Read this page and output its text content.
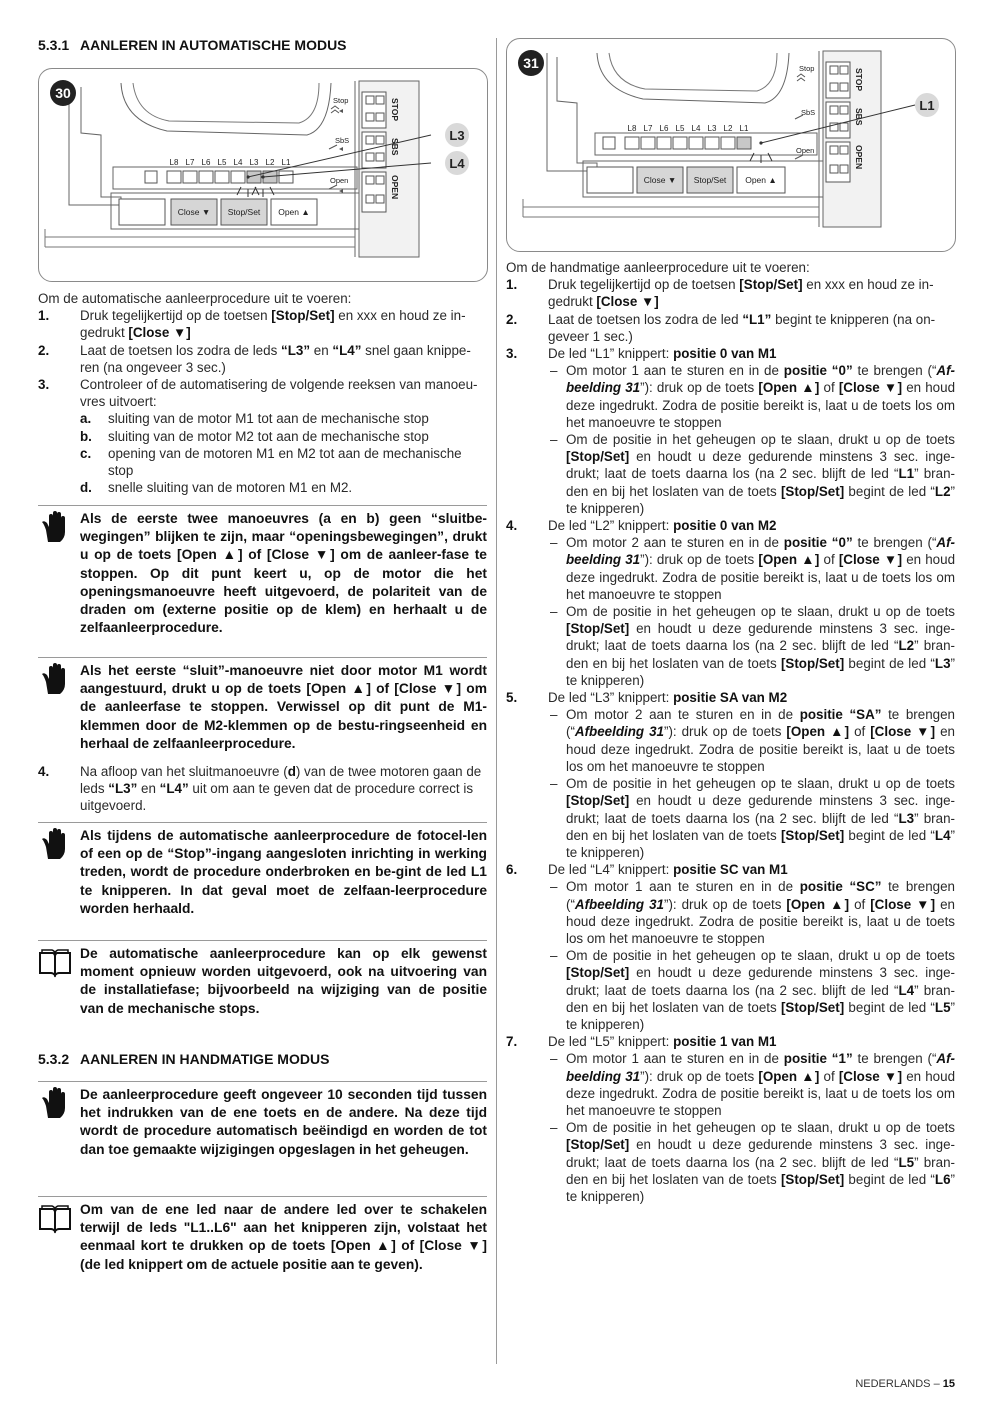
5.3.1 AANLEREN IN AUTOMATISCHE MODUS
30
L8 L7 L6 L5 L4 L3 L2 L1
Close ▼ Stop/Set Open ▲
Stop
SbS
Open
STOP
SBS
OPEN
L3
L4
Om de automatische aanleerprocedure uit te voeren:
1. Druk tegelijkertijd op de toetsen [Stop/Set] en xxx en houd ze in-gedrukt [Close ▼]
2. Laat de toetsen los zodra de leds “L3” en “L4” snel gaan knippe-ren (na ongeveer 3 sec.)
3. Controleer of de automatisering de volgende reeksen van manoeu-vres uitvoert:
a. sluiting van de motor M1 tot aan de mechanische stop
b. sluiting van de motor M2 tot aan de mechanische stop
c. opening van de motoren M1 en M2 tot aan de mechanische stop
d. snelle sluiting van de motoren M1 en M2.
Als de eerste twee manoeuvres (a en b) geen “sluitbe-wegingen” blijken te zijn, maar “openingsbewegingen”, drukt u op de toets [Open ▲] of [Close ▼] om de aanleer-fase te stoppen. Op dit punt keert u, op de motor die het openingsmanoeuvre heeft uitgevoerd, de polariteit van de draden om (externe positie op de klem) en herhaalt u de zelfaanleerprocedure.
Als het eerste “sluit”-manoeuvre niet door motor M1 wordt aangestuurd, drukt u op de toets [Open ▲] of [Close ▼] om de aanleerfase te stoppen. Verwissel op dit punt de M1-klemmen door de M2-klemmen op de bestu-ringseenheid en herhaal de zelfaanleerprocedure.
4. Na afloop van het sluitmanoeuvre (d) van de twee motoren gaan de leds “L3” en “L4” uit om aan te geven dat de procedure correct is uitgevoerd.
Als tijdens de automatische aanleerprocedure de fotocel-len of een op de “Stop”-ingang aangesloten inrichting in werking treden, wordt de procedure onderbroken en be-gint de led L1 te knipperen. In dat geval moet de zelfaan-leerprocedure worden herhaald.
De automatische aanleerprocedure kan op elk gewenst moment opnieuw worden uitgevoerd, ook na uitvoering van de installatiefase; bijvoorbeeld na wijziging van de positie van de mechanische stops.
5.3.2 AANLEREN IN HANDMATIGE MODUS
De aanleerprocedure geeft ongeveer 10 seconden tijd tussen het indrukken van de ene toets en de andere. Na deze tijd wordt de procedure automatisch beëindigd en worden de tot dan toe gemaakte wijzigingen opgeslagen in het geheugen.
Om van de ene led naar de andere led over te schakelen terwijl de leds "L1..L6" aan het knipperen zijn, volstaat het eenmaal kort te drukken op de toets [Open ▲] of [Close ▼] (de led knippert om de actuele positie aan te geven).
31
L8 L7 L6 L5 L4 L3 L2 L1
Close ▼ Stop/Set Open ▲
Stop
SbS
Open
STOP
SBS
OPEN
L1
Om de handmatige aanleerprocedure uit te voeren:
1. Druk tegelijkertijd op de toetsen [Stop/Set] en xxx en houd ze in-gedrukt [Close ▼]
2. Laat de toetsen los zodra de led “L1” begint te knipperen (na on-geveer 1 sec.)
3. De led “L1” knippert: positie 0 van M1
– Om motor 1 aan te sturen en in de positie “0” te brengen (“Af-beelding 31”): druk op de toets [Open ▲] of [Close ▼] en houd deze ingedrukt. Zodra de positie bereikt is, laat u de toets los om het manoeuvre te stoppen
– Om de positie in het geheugen op te slaan, drukt u op de toets [Stop/Set] en houdt u deze gedurende minstens 3 sec. inge-drukt; laat de toets daarna los (na 2 sec. blijft de led “L1” bran-den en bij het loslaten van de toets [Stop/Set] begint de led “L2” te knipperen)
4. De led “L2” knippert: positie 0 van M2
– Om motor 2 aan te sturen en in de positie “0” te brengen (“Af-beelding 31”): druk op de toets [Open ▲] of [Close ▼] en houd deze ingedrukt. Zodra de positie bereikt is, laat u de toets los om het manoeuvre te stoppen
– Om de positie in het geheugen op te slaan, drukt u op de toets [Stop/Set] en houdt u deze gedurende minstens 3 sec. inge-drukt; laat de toets daarna los (na 2 sec. blijft de led “L2” bran-den en bij het loslaten van de toets [Stop/Set] begint de led “L3” te knipperen)
5. De led “L3” knippert: positie SA van M2
– Om motor 2 aan te sturen en in de positie “SA” te brengen (“Afbeelding 31”): druk op de toets [Open ▲] of [Close ▼] en houd deze ingedrukt. Zodra de positie bereikt is, laat u de toets los om het manoeuvre te stoppen
– Om de positie in het geheugen op te slaan, drukt u op de toets [Stop/Set] en houdt u deze gedurende minstens 3 sec. inge-drukt; laat de toets daarna los (na 2 sec. blijft de led “L3” bran-den en bij het loslaten van de toets [Stop/Set] begint de led “L4” te knipperen)
6. De led “L4” knippert: positie SC van M1
– Om motor 1 aan te sturen en in de positie “SC” te brengen (“Afbeelding 31”): druk op de toets [Open ▲] of [Close ▼] en houd deze ingedrukt. Zodra de positie bereikt is, laat u de toets los om het manoeuvre te stoppen
– Om de positie in het geheugen op te slaan, drukt u op de toets [Stop/Set] en houdt u deze gedurende minstens 3 sec. inge-drukt; laat de toets daarna los (na 2 sec. blijft de led “L4” bran-den en bij het loslaten van de toets [Stop/Set] begint de led “L5” te knipperen)
7. De led “L5” knippert: positie 1 van M1
– Om motor 1 aan te sturen en in de positie “1” te brengen (“Af-beelding 31”): druk op de toets [Open ▲] of [Close ▼] en houd deze ingedrukt. Zodra de positie bereikt is, laat u de toets los om het manoeuvre te stoppen
– Om de positie in het geheugen op te slaan, drukt u op de toets [Stop/Set] en houdt u deze gedurende minstens 3 sec. inge-drukt; laat de toets daarna los (na 2 sec. blijft de led “L5” bran-den en bij het loslaten van de toets [Stop/Set] begint de led “L6” te knipperen)
NEDERLANDS – 15
